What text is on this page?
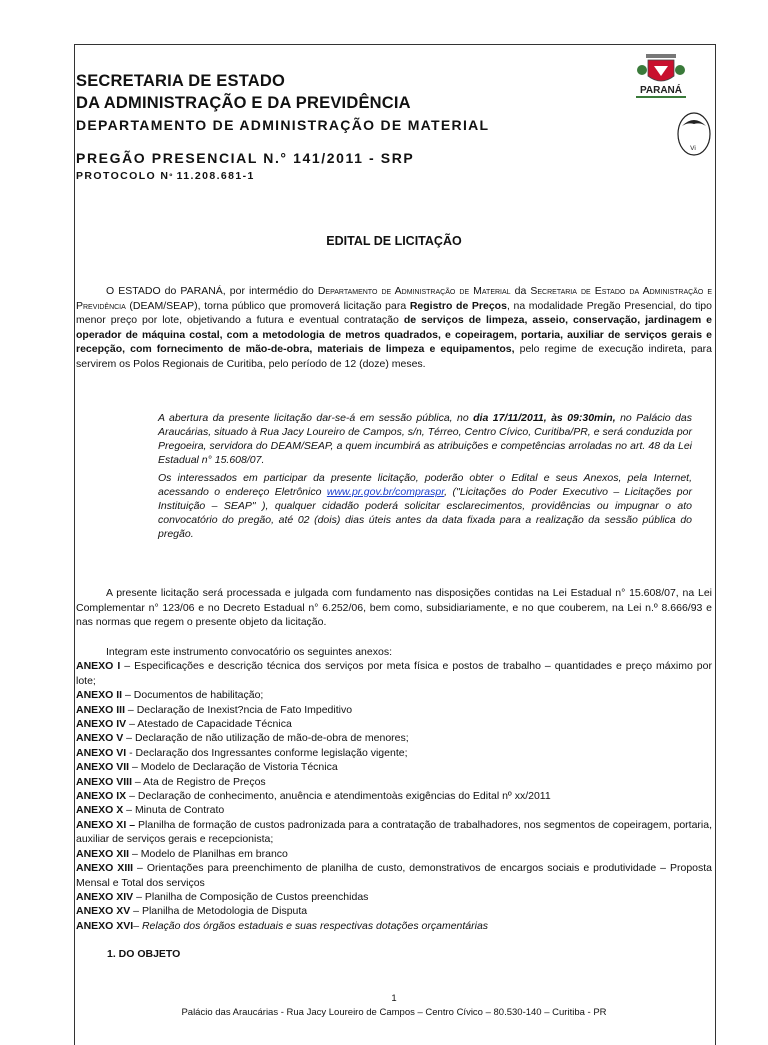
SECRETARIA DE ESTADO
DA ADMINISTRAÇÃO E DA PREVIDÊNCIA
DEPARTAMENTO DE ADMINISTRAÇÃO DE MATERIAL
PREGÃO PRESENCIAL N.° 141/2011 - SRP
PROTOCOLO Nº 11.208.681-1
PARANÁ
Vi
EDITAL DE LICITAÇÃO
O ESTADO do PARANÁ, por intermédio do Departamento de Administração de Material da Secretaria de Estado da Administração e Previdência (DEAM/SEAP), torna público que promoverá licitação para Registro de Preços, na modalidade Pregão Presencial, do tipo menor preço por lote, objetivando a futura e eventual contratação de serviços de limpeza, asseio, conservação, jardinagem e operador de máquina costal, com a metodologia de metros quadrados, e copeiragem, portaria, auxiliar de serviços gerais e recepção, com fornecimento de mão-de-obra, materiais de limpeza e equipamentos, pelo regime de execução indireta, para servirem os Polos Regionais de Curitiba, pelo período de 12 (doze) meses.

A abertura da presente licitação dar-se-á em sessão pública, no dia 17/11/2011, às 09:30min, no Palácio das Araucárias, situado à Rua Jacy Loureiro de Campos, s/n, Térreo, Centro Cívico, Curitiba/PR, e será conduzida por Pregoeira, servidora do DEAM/SEAP, a quem incumbirá as atribuições e competências arroladas no art. 48 da Lei Estadual n° 15.608/07.

Os interessados em participar da presente licitação, poderão obter o Edital e seus Anexos, pela Internet, acessando o endereço Eletrônico www.pr.gov.br/compraspr, ("Licitações do Poder Executivo – Licitações por Instituição – SEAP" ), qualquer cidadão poderá solicitar esclarecimentos, providências ou impugnar o ato convocatório do pregão, até 02 (dois) dias úteis antes da data fixada para a realização da sessão pública do pregão.

A presente licitação será processada e julgada com fundamento nas disposições contidas na Lei Estadual n° 15.608/07, na Lei Complementar n° 123/06 e no Decreto Estadual n° 6.252/06, bem como, subsidiariamente, e no que couberem, na Lei n.º 8.666/93 e nas normas que regem o presente objeto da licitação.
Integram este instrumento convocatório os seguintes anexos:
ANEXO I – Especificações e descrição técnica dos serviços por meta física e postos de trabalho – quantidades e preço máximo por lote;
ANEXO II – Documentos de habilitação;
ANEXO III – Declaração de Inexist?ncia de Fato Impeditivo
ANEXO IV – Atestado de Capacidade Técnica
ANEXO V – Declaração de não utilização de mão-de-obra de menores;
ANEXO VI - Declaração dos Ingressantes conforme legislação vigente;
ANEXO VII – Modelo de Declaração de Vistoria Técnica
ANEXO VIII – Ata de Registro de Preços
ANEXO IX – Declaração de conhecimento, anuência e atendimentoàs exigências do Edital nº xx/2011
ANEXO X – Minuta de Contrato
ANEXO XI – Planilha de formação de custos padronizada para a contratação de trabalhadores, nos segmentos de copeiragem, portaria, auxiliar de serviços gerais e recepcionista;
ANEXO XII – Modelo de Planilhas em branco
ANEXO XIII – Orientações para preenchimento de planilha de custo, demonstrativos de encargos sociais e produtividade – Proposta Mensal e Total dos serviços
ANEXO XIV – Planilha de Composição de Custos preenchidas
ANEXO XV – Planilha de Metodologia de Disputa
ANEXO XVI– Relação dos órgãos estaduais e suas respectivas dotações orçamentárias
1. DO OBJETO
1
Palácio das Araucárias - Rua Jacy Loureiro de Campos – Centro Cívico – 80.530-140 – Curitiba - PR
